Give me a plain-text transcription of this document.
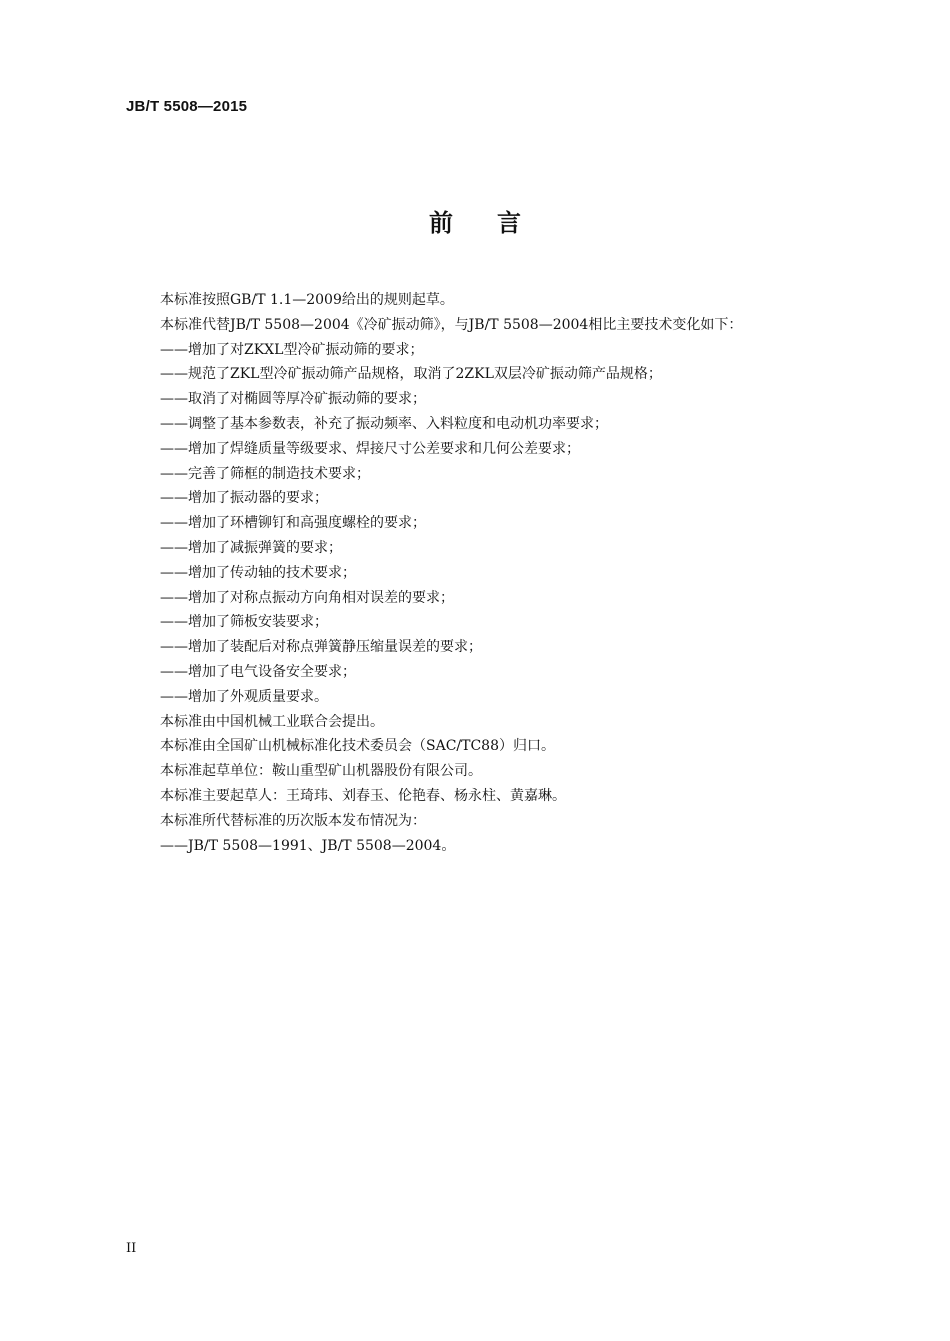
JB/T 5508—2015
前言
本标准按照GB/T 1.1—2009给出的规则起草。
本标准代替JB/T 5508—2004《冷矿振动筛》，与JB/T 5508—2004相比主要技术变化如下：
——增加了对ZKXL型冷矿振动筛的要求；
——规范了ZKL型冷矿振动筛产品规格，取消了2ZKL双层冷矿振动筛产品规格；
——取消了对椭圆等厚冷矿振动筛的要求；
——调整了基本参数表，补充了振动频率、入料粒度和电动机功率要求；
——增加了焊缝质量等级要求、焊接尺寸公差要求和几何公差要求；
——完善了筛框的制造技术要求；
——增加了振动器的要求；
——增加了环槽铆钉和高强度螺栓的要求；
——增加了减振弹簧的要求；
——增加了传动轴的技术要求；
——增加了对称点振动方向角相对误差的要求；
——增加了筛板安装要求；
——增加了装配后对称点弹簧静压缩量误差的要求；
——增加了电气设备安全要求；
——增加了外观质量要求。
本标准由中国机械工业联合会提出。
本标准由全国矿山机械标准化技术委员会（SAC/TC88）归口。
本标准起草单位：鞍山重型矿山机器股份有限公司。
本标准主要起草人：王琦玮、刘春玉、伦艳春、杨永柱、黄嘉琳。
本标准所代替标准的历次版本发布情况为：
——JB/T 5508—1991、JB/T 5508—2004。
II
